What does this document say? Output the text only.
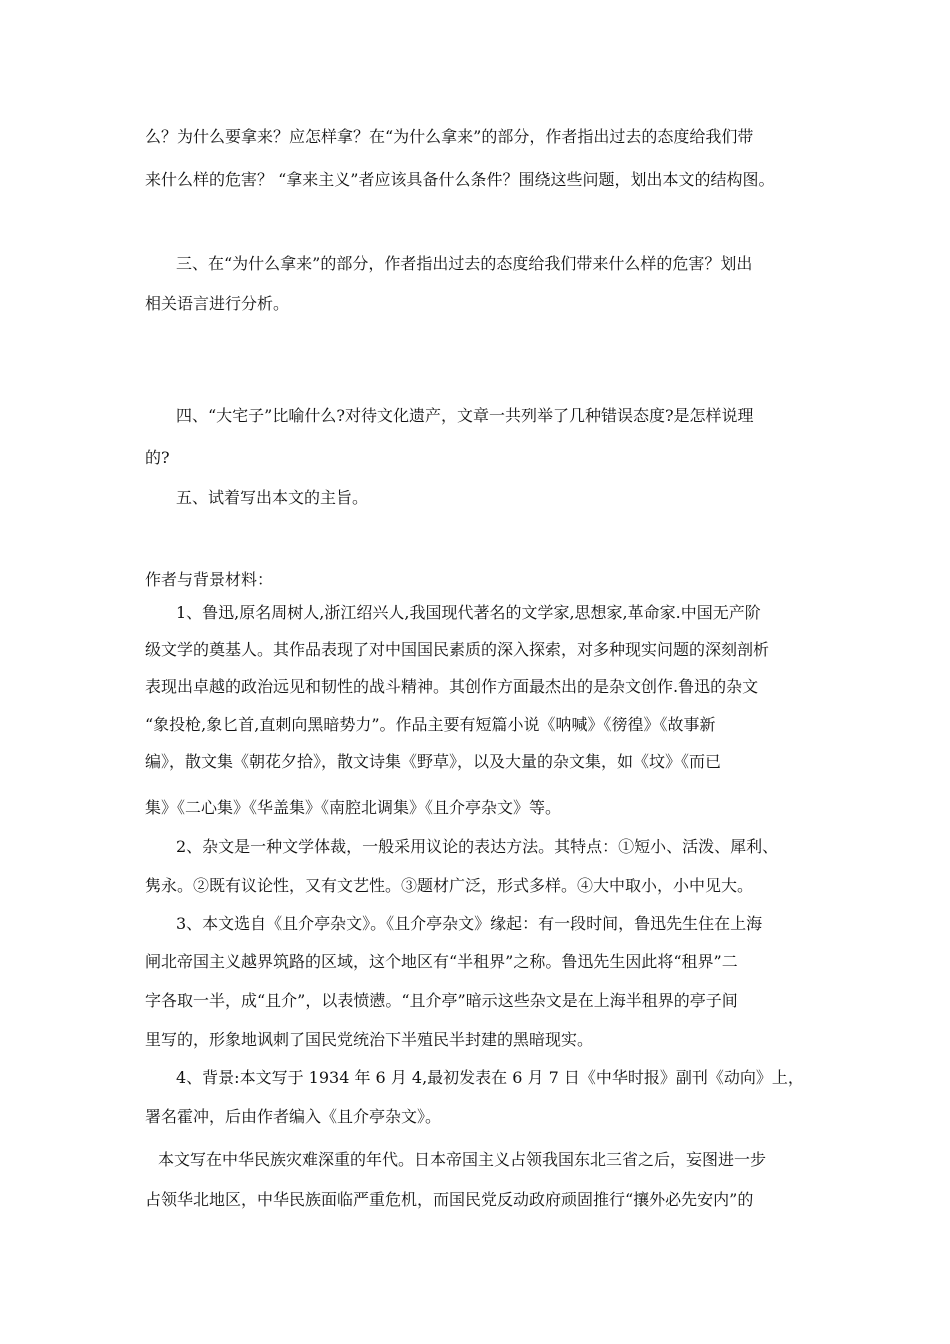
么？为什么要拿来？应怎样拿？在“为什么拿来”的部分，作者指出过去的态度给我们带
来什么样的危害？ “拿来主义”者应该具备什么条件？围绕这些问题，划出本文的结构图。
三、在“为什么拿来”的部分，作者指出过去的态度给我们带来什么样的危害？划出
相关语言进行分析。
四、“大宅子”比喻什么?对待文化遗产，文章一共列举了几种错误态度?是怎样说理
的?
五、试着写出本文的主旨。
作者与背景材料：
1、鲁迅,原名周树人,浙江绍兴人,我国现代著名的文学家,思想家,革命家.中国无产阶
级文学的奠基人。其作品表现了对中国国民素质的深入探索，对多种现实问题的深刻剖析
表现出卓越的政治远见和韧性的战斗精神。其创作方面最杰出的是杂文创作.鲁迅的杂文
“象投枪,象匕首,直刺向黑暗势力”。作品主要有短篇小说《呐喊》《徬徨》《故事新
编》，散文集《朝花夕拾》，散文诗集《野草》，以及大量的杂文集，如《坟》《而已
集》《二心集》《华盖集》《南腔北调集》《且介亭杂文》等。
2、杂文是一种文学体裁，一般采用议论的表达方法。其特点：①短小、活泼、犀利、
隽永。②既有议论性，又有文艺性。③题材广泛，形式多样。④大中取小，小中见大。
3、本文选自《且介亭杂文》。《且介亭杂文》缘起：有一段时间，鲁迅先生住在上海
闸北帝国主义越界筑路的区域，这个地区有“半租界”之称。鲁迅先生因此将“租界”二
字各取一半，成“且介”，以表愤懑。“且介亭”暗示这些杂文是在上海半租界的亭子间
里写的，形象地讽刺了国民党统治下半殖民半封建的黑暗现实。
4、背景:本文写于 1934 年 6 月 4,最初发表在 6 月 7 日《中华时报》副刊《动向》上，
署名霍冲，后由作者编入《且介亭杂文》。
本文写在中华民族灾难深重的年代。日本帝国主义占领我国东北三省之后，妄图进一步
占领华北地区，中华民族面临严重危机，而国民党反动政府顽固推行“攘外必先安内”的
